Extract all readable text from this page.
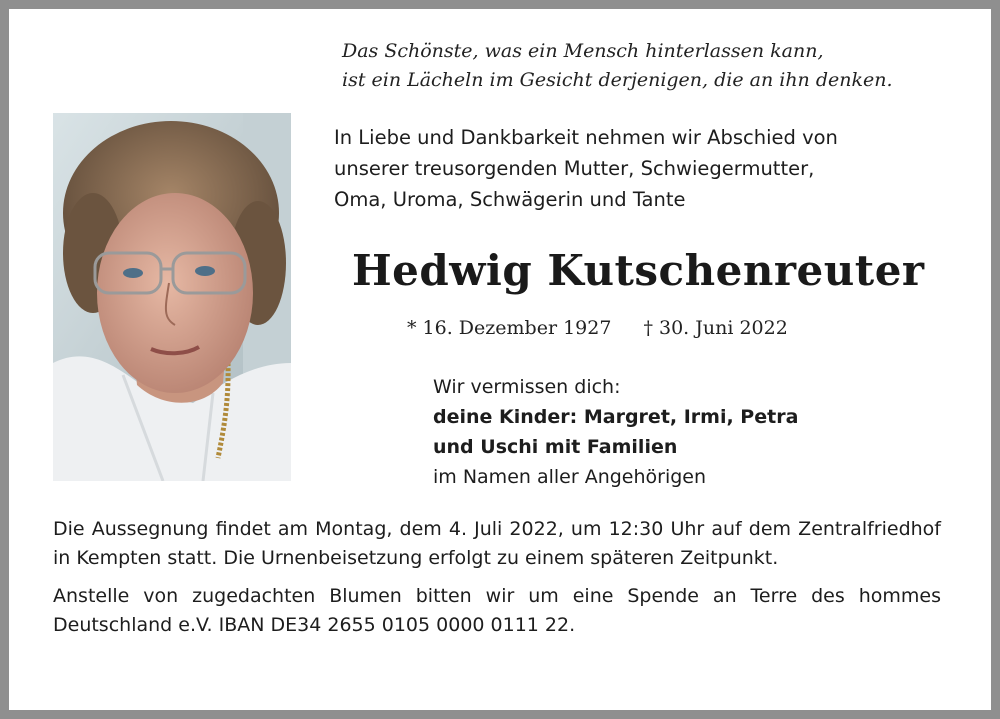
Das Schönste, was ein Mensch hinterlassen kann,
ist ein Lächeln im Gesicht derjenigen, die an ihn denken.
In Liebe und Dankbarkeit nehmen wir Abschied von
unserer treusorgenden Mutter, Schwiegermutter,
Oma, Uroma, Schwägerin und Tante
Hedwig Kutschenreuter
* 16. Dezember 1927 † 30. Juni 2022
Wir vermissen dich:
deine Kinder: Margret, Irmi, Petra
und Uschi mit Familien
im Namen aller Angehörigen

Die Aussegnung findet am Montag, dem 4. Juli 2022, um 12:30 Uhr auf dem Zentralfriedhof in Kempten statt. Die Urnenbeisetzung erfolgt zu einem späteren Zeitpunkt.

Anstelle von zugedachten Blumen bitten wir um eine Spende an Terre des hommes Deutschland e.V. IBAN DE34 2655 0105 0000 0111 22.
